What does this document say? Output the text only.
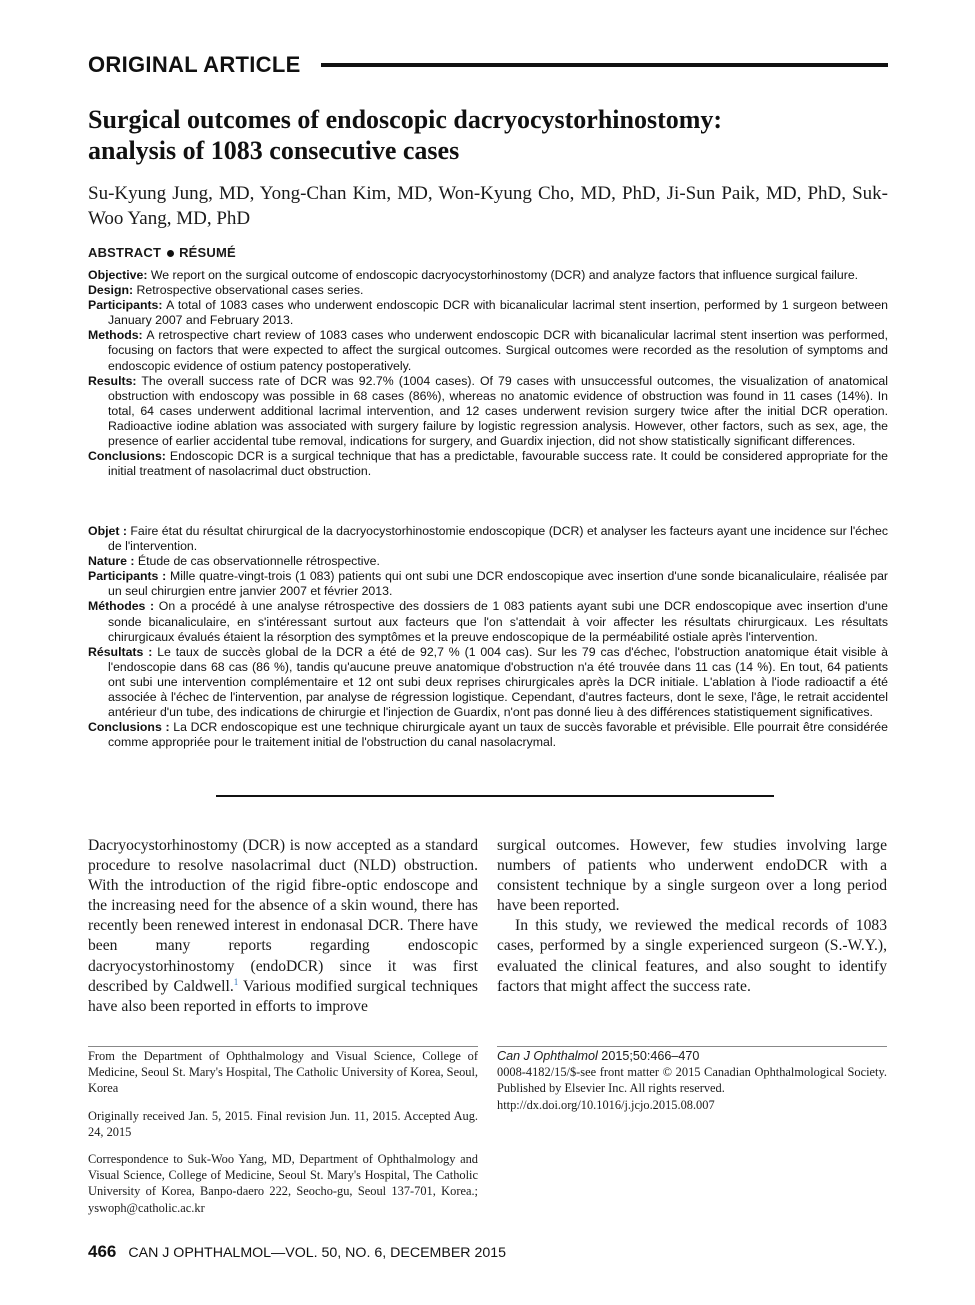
ORIGINAL ARTICLE
Surgical outcomes of endoscopic dacryocystorhinostomy:
analysis of 1083 consecutive cases

Su-Kyung Jung, MD, Yong-Chan Kim, MD, Won-Kyung Cho, MD, PhD, Ji-Sun Paik, MD, PhD, Suk-Woo Yang, MD, PhD

ABSTRACT RÉSUMÉ

Objective: We report on the surgical outcome of endoscopic dacryocystorhinostomy (DCR) and analyze factors that influence surgical failure.

Design: Retrospective observational cases series.

Participants: A total of 1083 cases who underwent endoscopic DCR with bicanalicular lacrimal stent insertion, performed by 1 surgeon between January 2007 and February 2013.

Methods: A retrospective chart review of 1083 cases who underwent endoscopic DCR with bicanalicular lacrimal stent insertion was performed, focusing on factors that were expected to affect the surgical outcomes. Surgical outcomes were recorded as the resolution of symptoms and endoscopic evidence of ostium patency postoperatively.

Results: The overall success rate of DCR was 92.7% (1004 cases). Of 79 cases with unsuccessful outcomes, the visualization of anatomical obstruction with endoscopy was possible in 68 cases (86%), whereas no anatomic evidence of obstruction was found in 11 cases (14%). In total, 64 cases underwent additional lacrimal intervention, and 12 cases underwent revision surgery twice after the initial DCR operation. Radioactive iodine ablation was associated with surgery failure by logistic regression analysis. However, other factors, such as sex, age, the presence of earlier accidental tube removal, indications for surgery, and Guardix injection, did not show statistically significant differences.

Conclusions: Endoscopic DCR is a surgical technique that has a predictable, favourable success rate. It could be considered appropriate for the initial treatment of nasolacrimal duct obstruction.

Objet : Faire état du résultat chirurgical de la dacryocystorhinostomie endoscopique (DCR) et analyser les facteurs ayant une incidence sur l'échec de l'intervention.

Nature : Étude de cas observationnelle rétrospective.

Participants : Mille quatre-vingt-trois (1 083) patients qui ont subi une DCR endoscopique avec insertion d'une sonde bicanaliculaire, réalisée par un seul chirurgien entre janvier 2007 et février 2013.

Méthodes : On a procédé à une analyse rétrospective des dossiers de 1 083 patients ayant subi une DCR endoscopique avec insertion d'une sonde bicanaliculaire, en s'intéressant surtout aux facteurs que l'on s'attendait à voir affecter les résultats chirurgicaux. Les résultats chirurgicaux évalués étaient la résorption des symptômes et la preuve endoscopique de la perméabilité ostiale après l'intervention.

Résultats : Le taux de succès global de la DCR a été de 92,7 % (1 004 cas). Sur les 79 cas d'échec, l'obstruction anatomique était visible à l'endoscopie dans 68 cas (86 %), tandis qu'aucune preuve anatomique d'obstruction n'a été trouvée dans 11 cas (14 %). En tout, 64 patients ont subi une intervention complémentaire et 12 ont subi deux reprises chirurgicales après la DCR initiale. L'ablation à l'iode radioactif a été associée à l'échec de l'intervention, par analyse de régression logistique. Cependant, d'autres facteurs, dont le sexe, l'âge, le retrait accidentel antérieur d'un tube, des indications de chirurgie et l'injection de Guardix, n'ont pas donné lieu à des différences statistiquement significatives.

Conclusions : La DCR endoscopique est une technique chirurgicale ayant un taux de succès favorable et prévisible. Elle pourrait être considérée comme appropriée pour le traitement initial de l'obstruction du canal nasolacrymal.

Dacryocystorhinostomy (DCR) is now accepted as a standard procedure to resolve nasolacrimal duct (NLD) obstruction. With the introduction of the rigid fibre-optic endoscope and the increasing need for the absence of a skin wound, there has recently been renewed interest in endonasal DCR. There have been many reports regarding endoscopic dacryocystorhinostomy (endoDCR) since it was first described by Caldwell.$^1$ Various modified surgical techniques have also been reported in efforts to improve

surgical outcomes. However, few studies involving large numbers of patients who underwent endoDCR with a consistent technique by a single surgeon over a long period have been reported.

In this study, we reviewed the medical records of 1083 cases, performed by a single experienced surgeon (S.-W.Y.), evaluated the clinical features, and also sought to identify factors that might affect the success rate.

From the Department of Ophthalmology and Visual Science, College of Medicine, Seoul St. Mary's Hospital, The Catholic University of Korea, Seoul, Korea

Originally received Jan. 5, 2015. Final revision Jun. 11, 2015. Accepted Aug. 24, 2015

Correspondence to Suk-Woo Yang, MD, Department of Ophthalmology and Visual Science, College of Medicine, Seoul St. Mary's Hospital, The Catholic University of Korea, Banpo-daero 222, Seocho-gu, Seoul 137-701, Korea.; yswoph@catholic.ac.kr

Can J Ophthalmol 2015;50:466–470
0008-4182/15/$-see front matter © 2015 Canadian Ophthalmological Society. Published by Elsevier Inc. All rights reserved.
http://dx.doi.org/10.1016/j.jcjo.2015.08.007
466 CAN J OPHTHALMOL—VOL. 50, NO. 6, DECEMBER 2015
